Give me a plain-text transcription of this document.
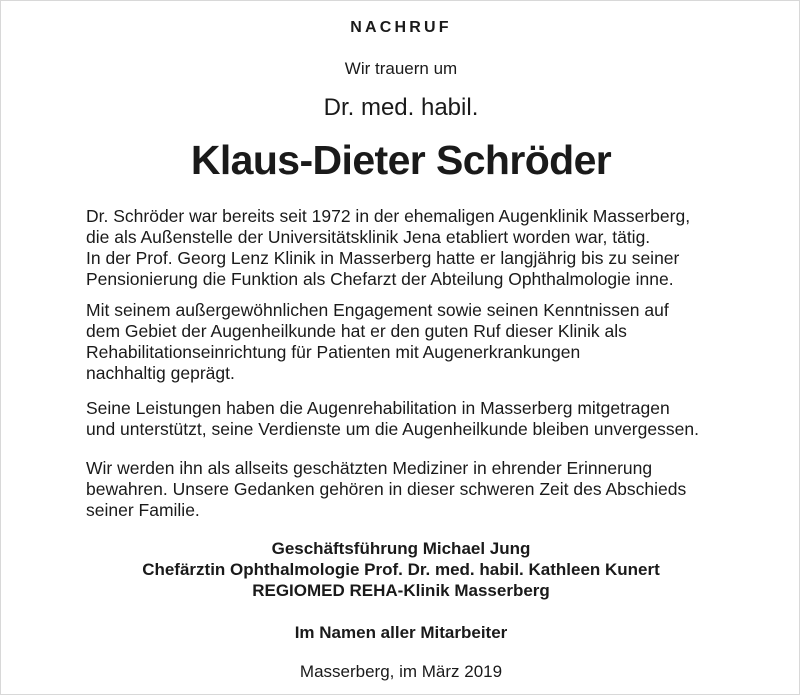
NACHRUF
Wir trauern um
Dr. med. habil.
Klaus-Dieter Schröder
Dr. Schröder war bereits seit 1972 in der ehemaligen Augenklinik Masserberg,
die als Außenstelle der Universitätsklinik Jena etabliert worden war, tätig.
In der Prof. Georg Lenz Klinik in Masserberg hatte er langjährig bis zu seiner
Pensionierung die Funktion als Chefarzt der Abteilung Ophthalmologie inne.
Mit seinem außergewöhnlichen Engagement sowie seinen Kenntnissen auf
dem Gebiet der Augenheilkunde hat er den guten Ruf dieser Klinik als
Rehabilitationseinrichtung für Patienten mit Augenerkrankungen
nachhaltig geprägt.
Seine Leistungen haben die Augenrehabilitation in Masserberg mitgetragen
und unterstützt, seine Verdienste um die Augenheilkunde bleiben unvergessen.
Wir werden ihn als allseits geschätzten Mediziner in ehrender Erinnerung
bewahren. Unsere Gedanken gehören in dieser schweren Zeit des Abschieds
seiner Familie.
Geschäftsführung Michael Jung
Chefärztin Ophthalmologie Prof. Dr. med. habil. Kathleen Kunert
REGIOMED REHA-Klinik Masserberg
Im Namen aller Mitarbeiter
Masserberg, im März 2019
